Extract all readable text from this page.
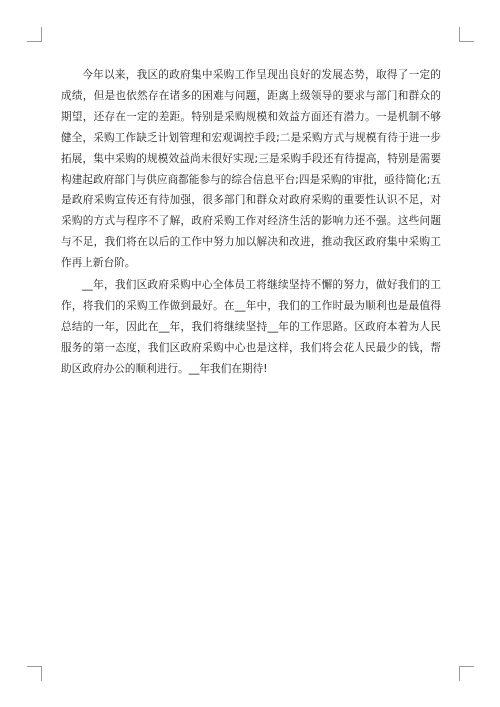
今年以来，我区的政府集中采购工作呈现出良好的发展态势，取得了一定的成绩，但是也依然存在诸多的困难与问题，距离上级领导的要求与部门和群众的期望，还存在一定的差距。特别是采购规模和效益方面还有潜力。一是机制不够健全，采购工作缺乏计划管理和宏观调控手段;二是采购方式与规模有待于进一步拓展，集中采购的规模效益尚未很好实现;三是采购手段还有待提高，特别是需要构建起政府部门与供应商都能参与的综合信息平台;四是采购的审批，亟待简化;五是政府采购宣传还有待加强，很多部门和群众对政府采购的重要性认识不足，对采购的方式与程序不了解，政府采购工作对经济生活的影响力还不强。这些问题与不足，我们将在以后的工作中努力加以解决和改进，推动我区政府集中采购工作再上新台阶。

__年，我们区政府采购中心全体员工将继续坚持不懈的努力，做好我们的工作，将我们的采购工作做到最好。在__年中，我们的工作时最为顺利也是最值得总结的一年，因此在__年，我们将继续坚持__年的工作思路。区政府本着为人民服务的第一态度，我们区政府采购中心也是这样，我们将会花人民最少的钱，帮助区政府办公的顺利进行。__年我们在期待!
